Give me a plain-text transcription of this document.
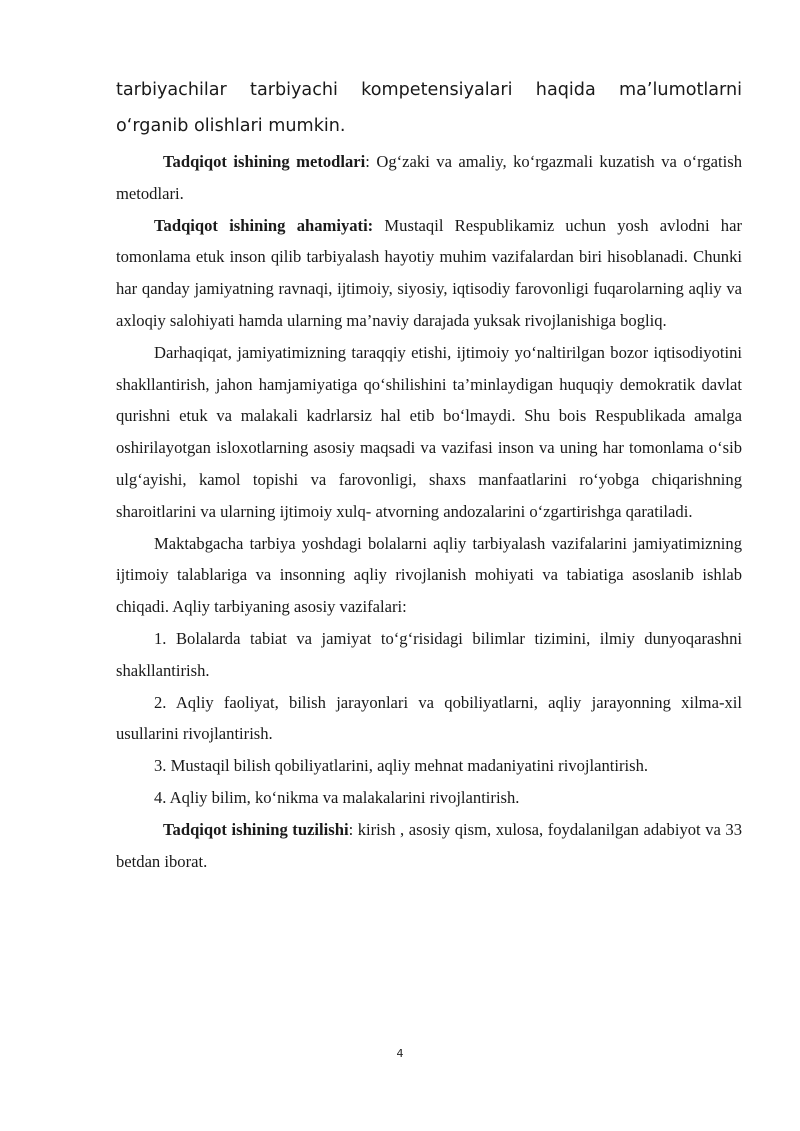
tarbiyachilar tarbiyachi kompetensiyalari haqida ma’lumotlarni o‘rganib olishlari mumkin.

Tadqiqot ishining metodlari: Og‘zaki va amaliy, ko‘rgazmali kuzatish va o‘rgatish metodlari.

Tadqiqot ishining ahamiyati: Mustaqil Respublikamiz uchun yosh avlodni har tomonlama etuk inson qilib tarbiyalash hayotiy muhim vazifalardan biri hisoblanadi. Chunki har qanday jamiyatning ravnaqi, ijtimoiy, siyosiy, iqtisodiy farovonligi fuqarolarning aqliy va axloqiy salohiyati hamda ularning ma’naviy darajada yuksak rivojlanishiga bogliq.

Darhaqiqat, jamiyatimizning taraqqiy etishi, ijtimoiy yo‘naltirilgan bozor iqtisodiyotini shakllantirish, jahon hamjamiyatiga qo‘shilishini ta’minlaydigan huquqiy demokratik davlat qurishni etuk va malakali kadrlarsiz hal etib bo‘lmaydi. Shu bois Respublikada amalga oshirilayotgan isloxotlarning asosiy maqsadi va vazifasi inson va uning har tomonlama o‘sib ulg‘ayishi, kamol topishi va farovonligi, shaxs manfaatlarini ro‘yobga chiqarishning sharoitlarini va ularning ijtimoiy xulq- atvorning andozalarini o‘zgartirishga qaratiladi.

Maktabgacha tarbiya yoshdagi bolalarni aqliy tarbiyalash vazifalarini jamiyatimizning ijtimoiy talablariga va insonning aqliy rivojlanish mohiyati va tabiatiga asoslanib ishlab chiqadi. Aqliy tarbiyaning asosiy vazifalari:

1. Bolalarda tabiat va jamiyat to‘g‘risidagi bilimlar tizimini, ilmiy dunyoqarashni shakllantirish.

2. Aqliy faoliyat, bilish jarayonlari va qobiliyatlarni, aqliy jarayonning xilma-xil usullarini rivojlantirish.

3. Mustaqil bilish qobiliyatlarini, aqliy mehnat madaniyatini rivojlantirish.

4. Aqliy bilim, ko‘nikma va malakalarini rivojlantirish.

Tadqiqot ishining tuzilishi: kirish , asosiy qism, xulosa, foydalanilgan adabiyot va 33 betdan iborat.

4
